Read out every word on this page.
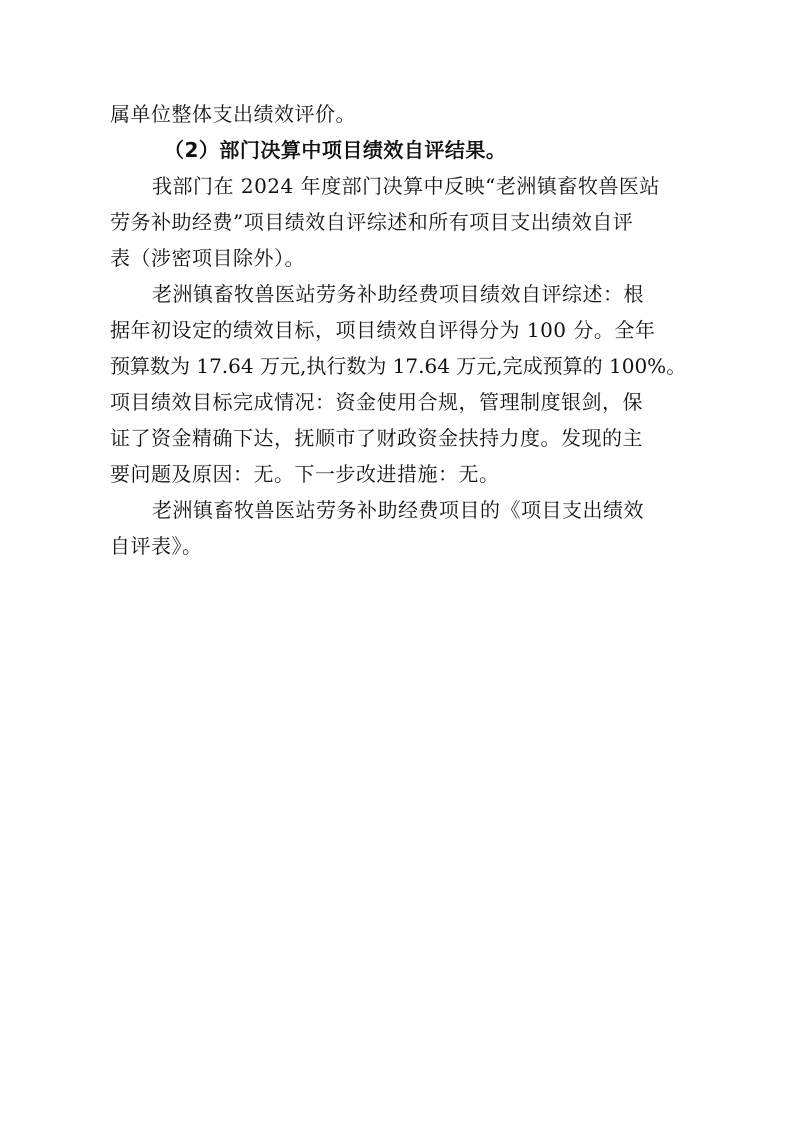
属单位整体支出绩效评价。
（2）部门决算中项目绩效自评结果。
我部门在 2024 年度部门决算中反映“老洲镇畜牧兽医站
劳务补助经费”项目绩效自评综述和所有项目支出绩效自评
表（涉密项目除外）。
老洲镇畜牧兽医站劳务补助经费项目绩效自评综述：根
据年初设定的绩效目标，项目绩效自评得分为 100 分。全年
预算数为 17.64 万元,执行数为 17.64 万元,完成预算的 100%。
项目绩效目标完成情况：资金使用合规，管理制度银剑，保
证了资金精确下达，抚顺市了财政资金扶持力度。发现的主
要问题及原因：无。下一步改进措施：无。
老洲镇畜牧兽医站劳务补助经费项目的《项目支出绩效
自评表》。
